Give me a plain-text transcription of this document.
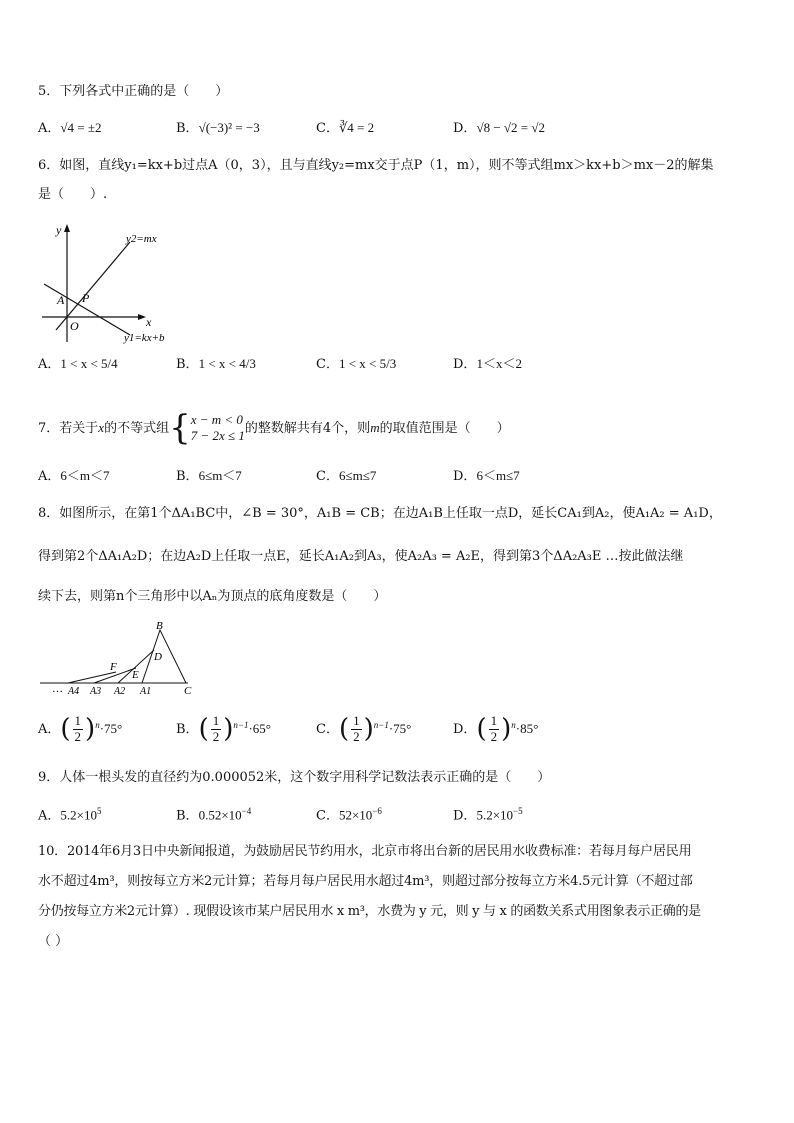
5．下列各式中正确的是（　　）
A．√4 = ±2	B．√(−3)² = −3	C．∛4 = 2	D．√8 − √2 = √2
6．如图，直线y₁=kx+b过点A（0，3），且与直线y₂=mx交于点P（1，m），则不等式组mx＞kx+b＞mx－2的解集
是（　　）.
A P
O
y
x
y2=mx
y1=kx+b
A．1 < x < 5/4	B．1 < x < 4/3	C．1 < x < 5/3	D．1＜x＜2
7．若关于x的不等式组{ x − m < 0
7 − 2x ≤ 1 的整数解共有4个，则m的取值范围是（　　）
A．6＜m＜7	B．6≤m＜7	C．6≤m≤7	D．6＜m≤7
8．如图所示，在第1个ΔA₁BC中，∠B = 30°，A₁B = CB；在边A₁B上任取一点D，延长CA₁到A₂，使A₁A₂ = A₁D，
得到第2个ΔA₁A₂D；在边A₂D上任取一点E，延长A₁A₂到A₃，使A₂A₃ = A₂E，得到第3个ΔA₂A₃E …按此做法继
续下去，则第n个三角形中以Aₙ为顶点的底角度数是（　　）
B
D
F
E
C
A1
A2
A3
A4
…
A．( $\frac{1}{2} )^n\cdot 75^\circ$	B．( $\frac{1}{2} )^{n-1}\cdot 65^\circ$	C．( $\frac{1}{2} )^{n-1}\cdot 75^\circ$	D．( $\frac{1}{2} )^n\cdot 85^\circ$
9．人体一根头发的直径约为0.000052米，这个数字用科学记数法表示正确的是（　　）
A．$5.2\times 10^5$	B．$0.52\times 10^{-4}$	C．$52\times 10^{-6}$	D．$5.2\times 10^{-5}$
10．2014年6月3日中央新闻报道，为鼓励居民节约用水，北京市将出台新的居民用水收费标准：若每月每户居民用
水不超过4m³，则按每立方米2元计算；若每月每户居民用水超过4m³，则超过部分按每立方米4.5元计算（不超过部
分仍按每立方米2元计算）. 现假设该市某户居民用水 x m³，水费为 y 元，则 y 与 x 的函数关系式用图象表示正确的是
（ ）
